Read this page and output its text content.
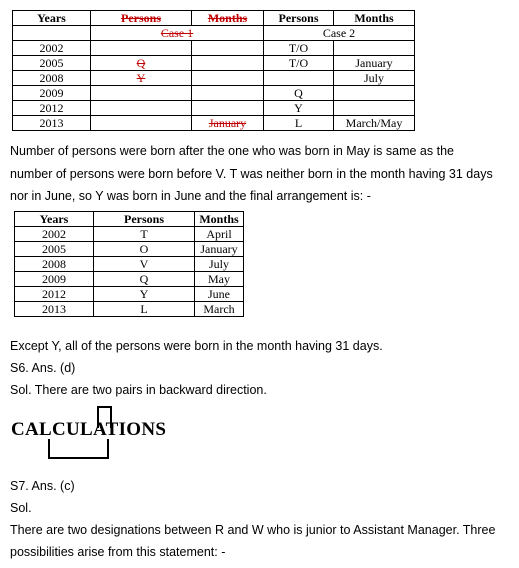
Years	Persons	Months	Persons	Months
	Case 1		Case 2	
2002			T/O	
2005	Q		T/O	January
2008	Y			July
2009			Q	
2012			Y	
2013		January	L	March/May
Number of persons were born after the one who was born in May is same as the
number of persons were born before V. T was neither born in the month having 31 days
nor in June, so Y was born in June and the final arrangement is: -
Years	Persons	Months
2002	T	April
2005	O	January
2008	V	July
2009	Q	May
2012	Y	June
2013	L	March
Except Y, all of the persons were born in the month having 31 days.
S6. Ans. (d)
Sol. There are two pairs in backward direction.
CALCULATIONS
S7. Ans. (c)
Sol.
There are two designations between R and W who is junior to Assistant Manager. Three
possibilities arise from this statement: -
